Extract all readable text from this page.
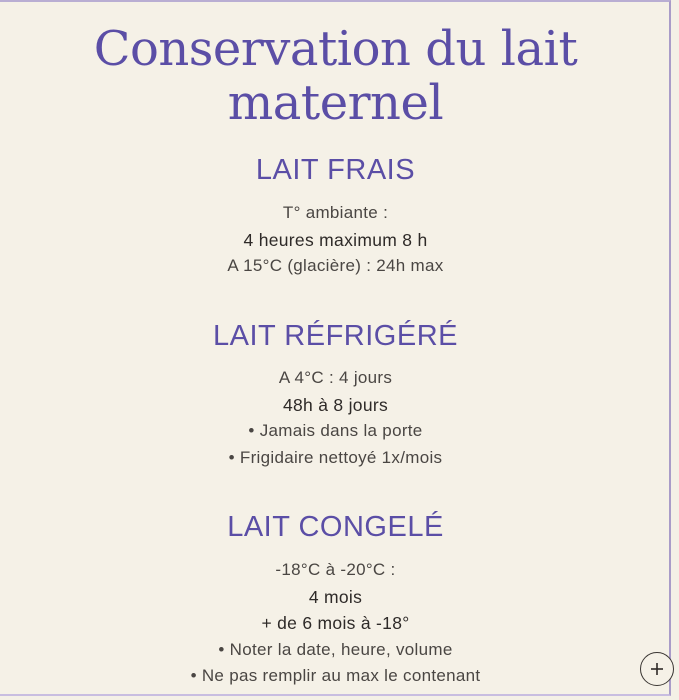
Conservation du lait
maternel
LAIT FRAIS
T° ambiante :
4 heures maximum 8 h
A 15°C (glacière) : 24h max
LAIT RÉFRIGÉRÉ
A 4°C : 4 jours
48h à 8 jours
• Jamais dans la porte
• Frigidaire nettoyé 1x/mois
LAIT CONGELÉ
-18°C à -20°C :
4 mois
+ de 6 mois à -18°
• Noter la date, heure, volume
• Ne pas remplir au max le contenant
